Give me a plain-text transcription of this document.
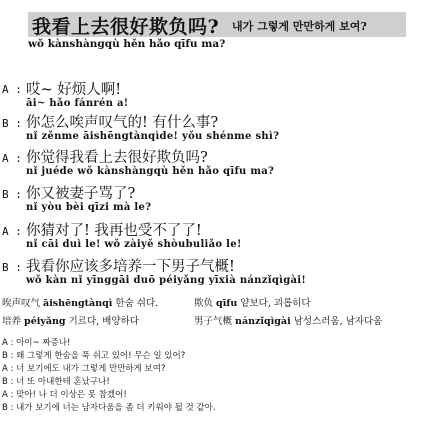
我看上去很好欺负吗? 내가 그렇게 만만하게 보여?
wǒ kànshàngqù hěn hǎo qīfu ma?
A : 哎~ 好烦人啊!
āi~ hǎo fánrén a!
B : 你怎么唉声叹气的! 有什么事?
nǐ zěnme āishēngtànqìde! yǒu shénme shì?
A : 你觉得我看上去很好欺负吗?
nǐ juéde wǒ kànshàngqù hěn hǎo qīfu ma?
B : 你又被妻子骂了?
nǐ yòu bèi qīzi mà le?
A : 你猜对了! 我再也受不了了!
nǐ cāi duì le! wǒ zàiyě shòubuliǎo le!
B : 我看你应该多培养一下男子气概!
wǒ kàn nǐ yīnggāi duō péiyǎng yīxià nánzǐqìgài!
唉声叹气 āishēngtànqì 한숨 쉬다.	欺负 qīfu 얕보다, 괴롭히다
培养 péiyǎng 기르다, 배양하다	男子气概 nánzǐqìgài 남성스러움, 남자다움
A : 아이~ 짜증나!
B : 왜 그렇게 한숨을 푹 쉬고 있어! 무슨 일 있어?
A : 너 보기에도 내가 그렇게 만만하게 보여?
B : 너 또 아내한테 혼났구나!
A : 맞아! 나 더 이상은 못 참겠어!
B : 내가 보기에 너는 남자다움을 좀 더 키워야 될 것 같아.
